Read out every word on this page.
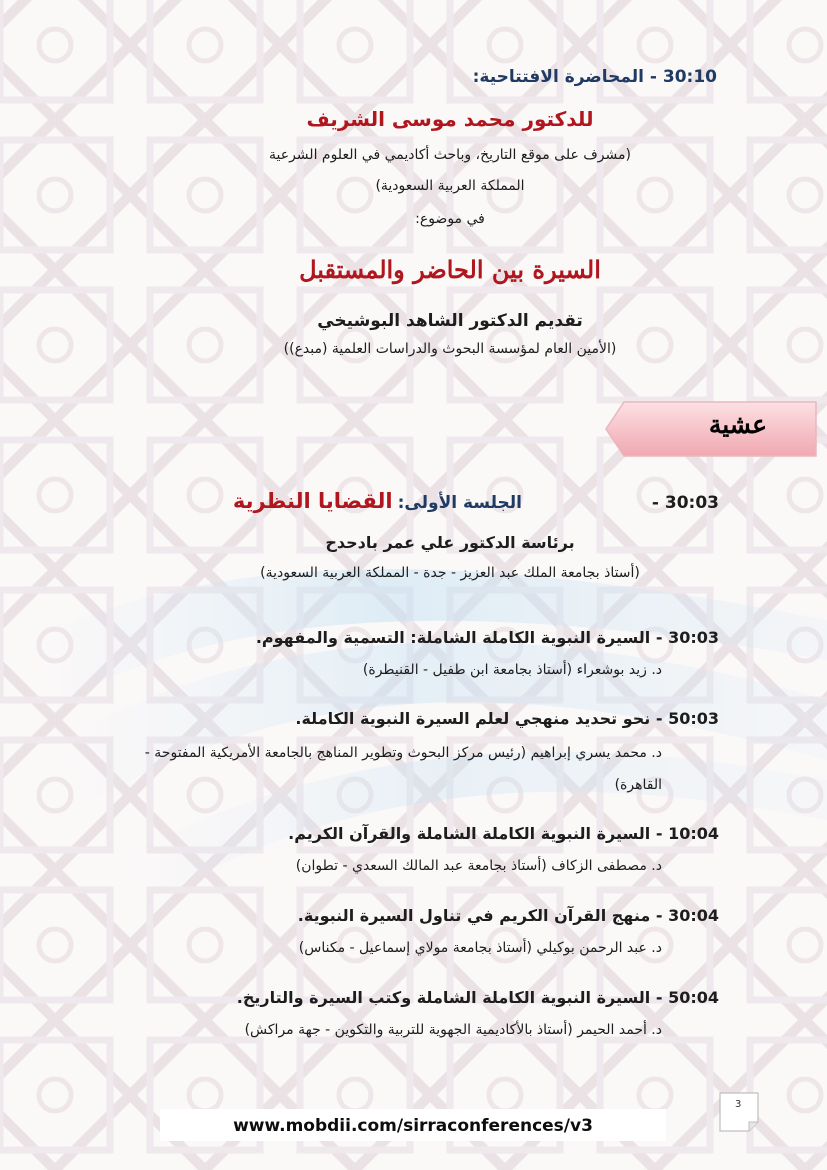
30:10 - المحاضرة الافتتاحية:
للدكتور محمد موسى الشريف
(مشرف على موقع التاريخ، وباحث أكاديمي في العلوم الشرعية
المملكة العربية السعودية)
في موضوع:
السيرة بين الحاضر والمستقبل
تقديم الدكتور الشاهد البوشيخي
(الأمين العام لمؤسسة البحوث والدراسات العلمية (مبدع))
عشية
30:03 -
الجلسة الأولى: القضايا النظرية
برئاسة الدكتور علي عمر بادحدح
(أستاذ بجامعة الملك عبد العزيز - جدة - المملكة العربية السعودية)
30:03 - السيرة النبوية الكاملة الشاملة: التسمية والمفهوم.
د. زيد بوشعراء (أستاذ بجامعة ابن طفيل - القنيطرة)
50:03 - نحو تحديد منهجي لعلم السيرة النبوية الكاملة.
د. محمد يسري إبراهيم (رئيس مركز البحوث وتطوير المناهج بالجامعة الأمريكية المفتوحة -
القاهرة)
10:04 - السيرة النبوية الكاملة الشاملة والقرآن الكريم.
د. مصطفى الزكاف (أستاذ بجامعة عبد المالك السعدي - تطوان)
30:04 - منهج القرآن الكريم في تناول السيرة النبوية.
د. عبد الرحمن بوكيلي (أستاذ بجامعة مولاي إسماعيل - مكناس)
50:04 - السيرة النبوية الكاملة الشاملة وكتب السيرة والتاريخ.
د. أحمد الحيمر (أستاذ بالأكاديمية الجهوية للتربية والتكوين - جهة مراكش)
3
www.mobdii.com/sirraconferences/v3
